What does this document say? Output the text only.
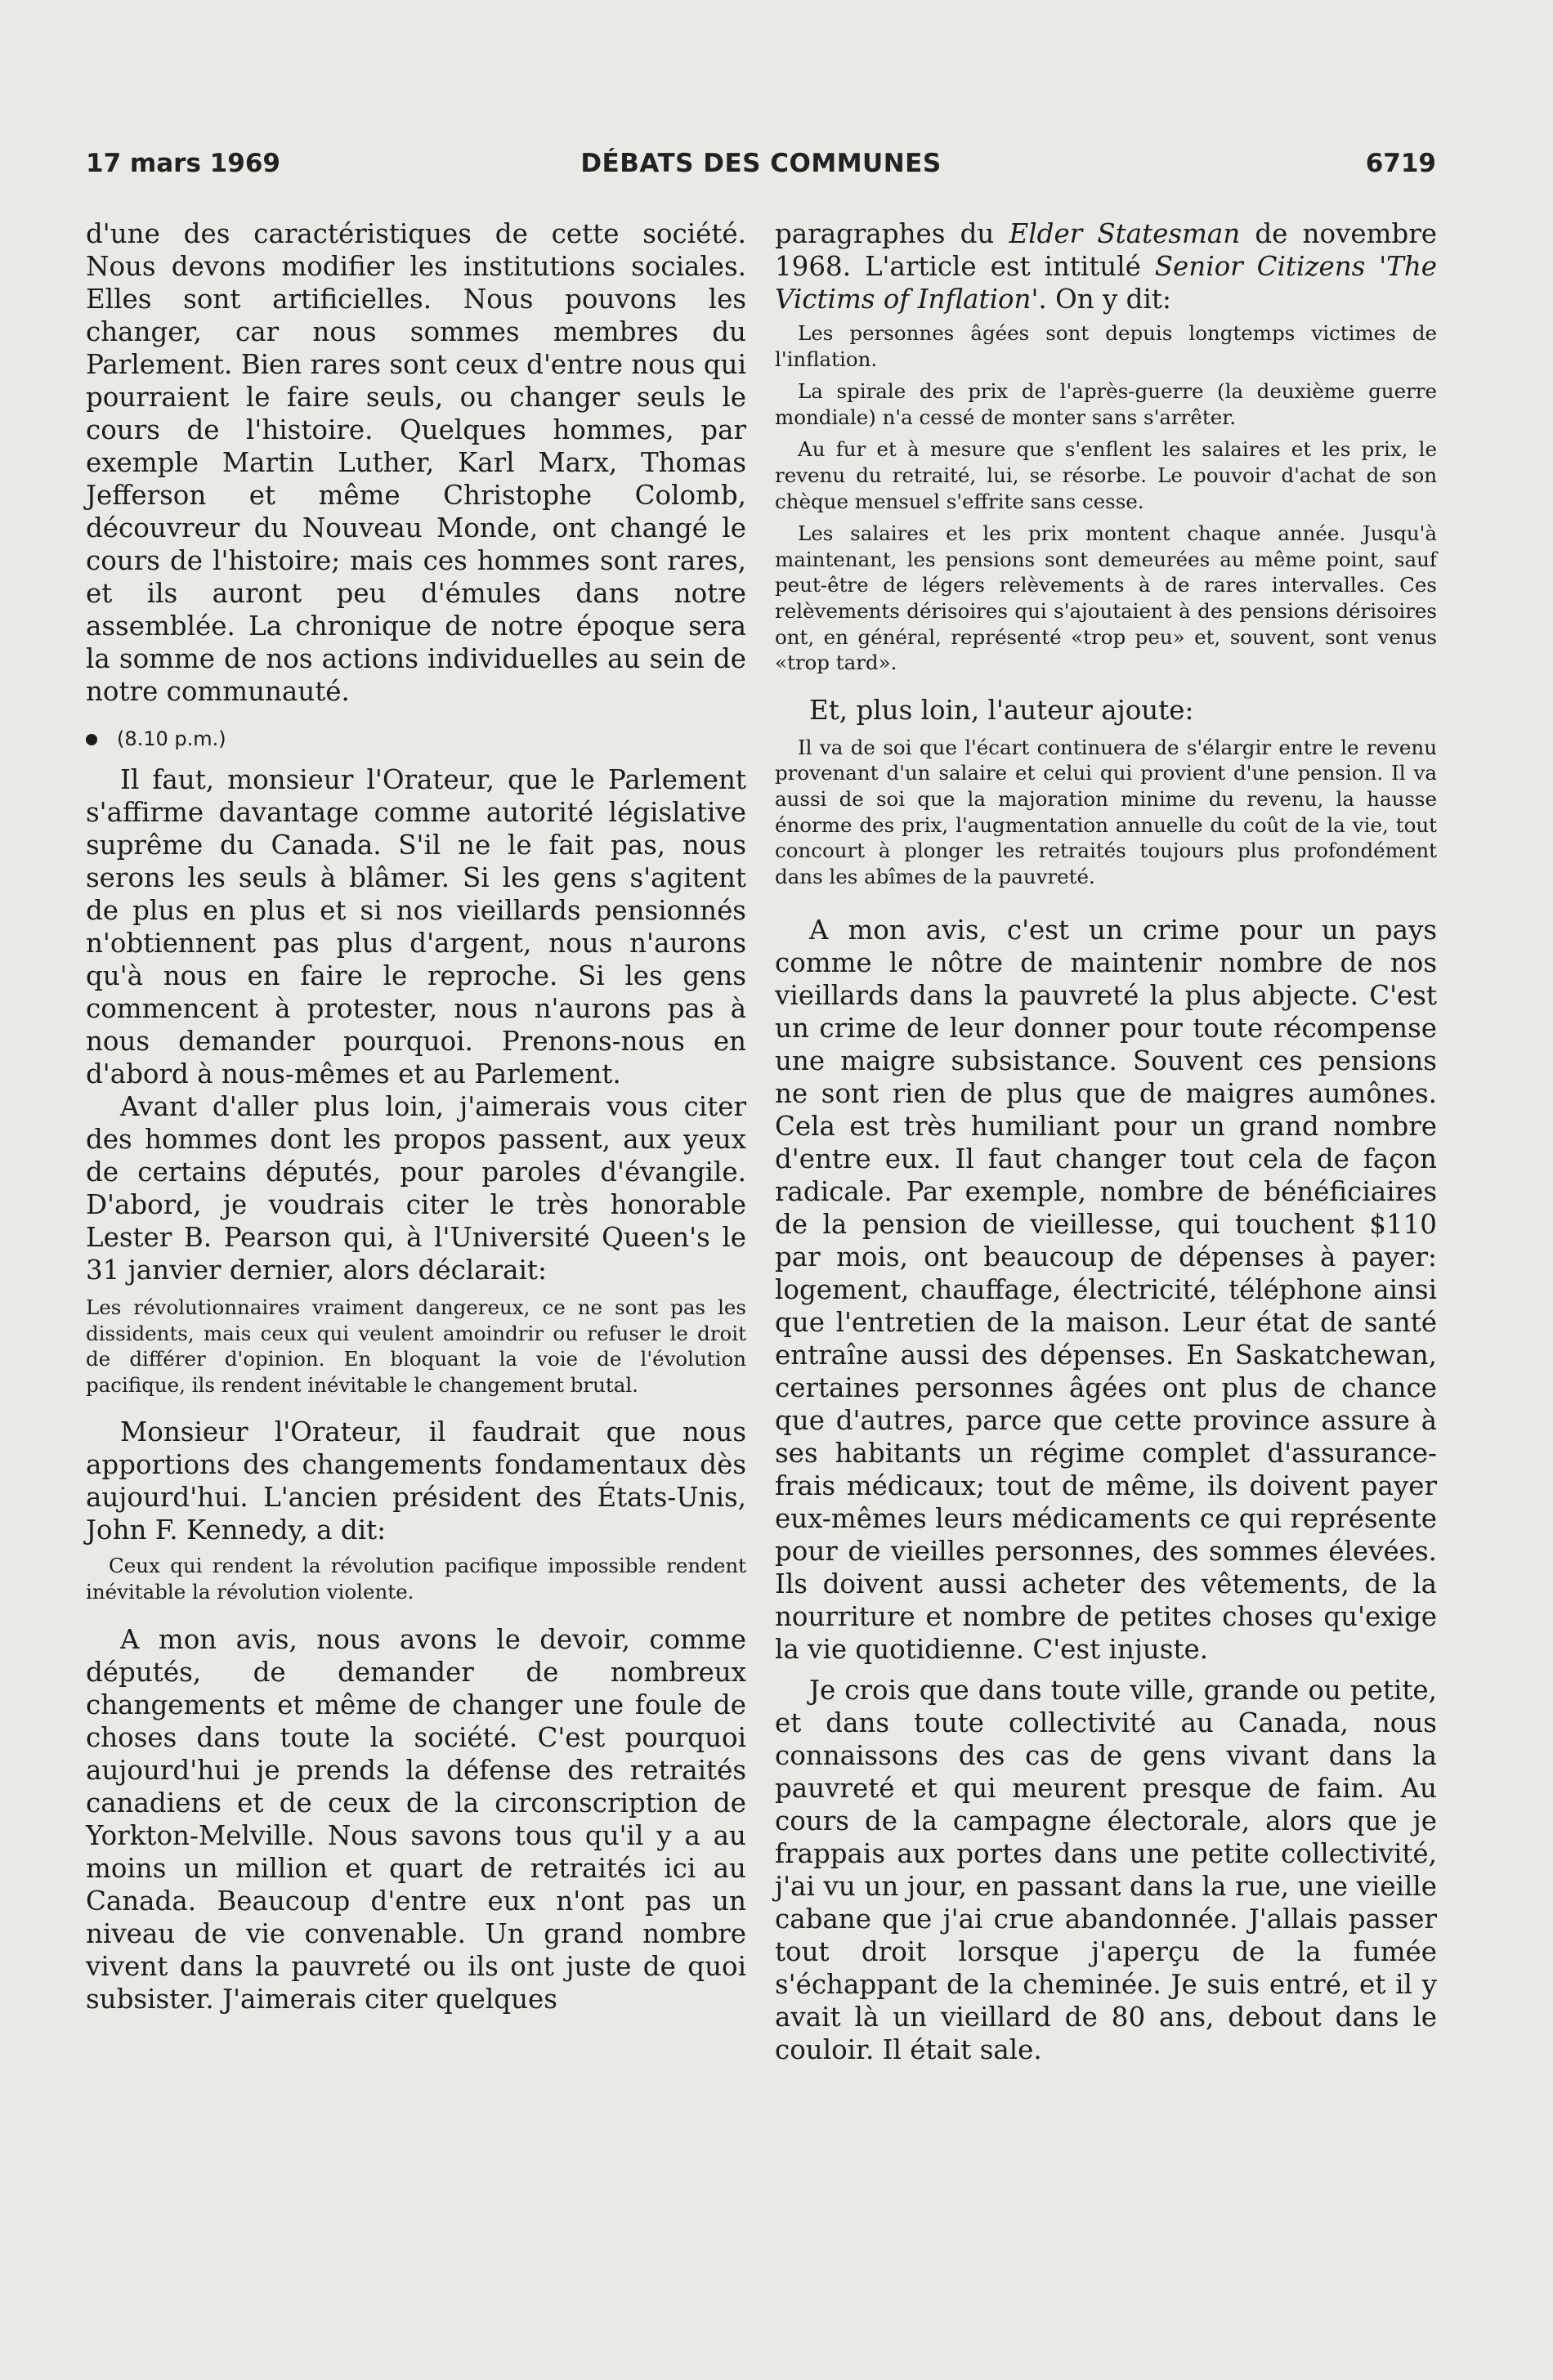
17 mars 1969	DÉBATS DES COMMUNES	6719

d'une des caractéristiques de cette société. Nous devons modifier les institutions sociales. Elles sont artificielles. Nous pouvons les changer, car nous sommes membres du Parlement. Bien rares sont ceux d'entre nous qui pourraient le faire seuls, ou changer seuls le cours de l'histoire. Quelques hommes, par exemple Martin Luther, Karl Marx, Thomas Jefferson et même Christophe Colomb, découvreur du Nouveau Monde, ont changé le cours de l'histoire; mais ces hommes sont rares, et ils auront peu d'émules dans notre assemblée. La chronique de notre époque sera la somme de nos actions individuelles au sein de notre communauté.

(8.10 p.m.)

Il faut, monsieur l'Orateur, que le Parlement s'affirme davantage comme autorité législative suprême du Canada. S'il ne le fait pas, nous serons les seuls à blâmer. Si les gens s'agitent de plus en plus et si nos vieillards pensionnés n'obtiennent pas plus d'argent, nous n'aurons qu'à nous en faire le reproche. Si les gens commencent à protester, nous n'aurons pas à nous demander pourquoi. Prenons-nous en d'abord à nous-mêmes et au Parlement.

Avant d'aller plus loin, j'aimerais vous citer des hommes dont les propos passent, aux yeux de certains députés, pour paroles d'évangile. D'abord, je voudrais citer le très honorable Lester B. Pearson qui, à l'Université Queen's le 31 janvier dernier, alors déclarait:

Les révolutionnaires vraiment dangereux, ce ne sont pas les dissidents, mais ceux qui veulent amoindrir ou refuser le droit de différer d'opinion. En bloquant la voie de l'évolution pacifique, ils rendent inévitable le changement brutal.

Monsieur l'Orateur, il faudrait que nous apportions des changements fondamentaux dès aujourd'hui. L'ancien président des États-Unis, John F. Kennedy, a dit:

Ceux qui rendent la révolution pacifique impossible rendent inévitable la révolution violente.

A mon avis, nous avons le devoir, comme députés, de demander de nombreux changements et même de changer une foule de choses dans toute la société. C'est pourquoi aujourd'hui je prends la défense des retraités canadiens et de ceux de la circonscription de Yorkton-Melville. Nous savons tous qu'il y a au moins un million et quart de retraités ici au Canada. Beaucoup d'entre eux n'ont pas un niveau de vie convenable. Un grand nombre vivent dans la pauvreté ou ils ont juste de quoi subsister. J'aimerais citer quelques

paragraphes du Elder Statesman de novembre 1968. L'article est intitulé Senior Citizens 'The Victims of Inflation'. On y dit:

Les personnes âgées sont depuis longtemps victimes de l'inflation.

La spirale des prix de l'après-guerre (la deuxième guerre mondiale) n'a cessé de monter sans s'arrêter.

Au fur et à mesure que s'enflent les salaires et les prix, le revenu du retraité, lui, se résorbe. Le pouvoir d'achat de son chèque mensuel s'effrite sans cesse.

Les salaires et les prix montent chaque année. Jusqu'à maintenant, les pensions sont demeurées au même point, sauf peut-être de légers relèvements à de rares intervalles. Ces relèvements dérisoires qui s'ajoutaient à des pensions dérisoires ont, en général, représenté «trop peu» et, souvent, sont venus «trop tard».

Et, plus loin, l'auteur ajoute:

Il va de soi que l'écart continuera de s'élargir entre le revenu provenant d'un salaire et celui qui provient d'une pension. Il va aussi de soi que la majoration minime du revenu, la hausse énorme des prix, l'augmentation annuelle du coût de la vie, tout concourt à plonger les retraités toujours plus profondément dans les abîmes de la pauvreté.

A mon avis, c'est un crime pour un pays comme le nôtre de maintenir nombre de nos vieillards dans la pauvreté la plus abjecte. C'est un crime de leur donner pour toute récompense une maigre subsistance. Souvent ces pensions ne sont rien de plus que de maigres aumônes. Cela est très humiliant pour un grand nombre d'entre eux. Il faut changer tout cela de façon radicale. Par exemple, nombre de bénéficiaires de la pension de vieillesse, qui touchent $110 par mois, ont beaucoup de dépenses à payer: logement, chauffage, électricité, téléphone ainsi que l'entretien de la maison. Leur état de santé entraîne aussi des dépenses. En Saskatchewan, certaines personnes âgées ont plus de chance que d'autres, parce que cette province assure à ses habitants un régime complet d'assurance-frais médicaux; tout de même, ils doivent payer eux-mêmes leurs médicaments ce qui représente pour de vieilles personnes, des sommes élevées. Ils doivent aussi acheter des vêtements, de la nourriture et nombre de petites choses qu'exige la vie quotidienne. C'est injuste.

Je crois que dans toute ville, grande ou petite, et dans toute collectivité au Canada, nous connaissons des cas de gens vivant dans la pauvreté et qui meurent presque de faim. Au cours de la campagne électorale, alors que je frappais aux portes dans une petite collectivité, j'ai vu un jour, en passant dans la rue, une vieille cabane que j'ai crue abandonnée. J'allais passer tout droit lorsque j'aperçu de la fumée s'échappant de la cheminée. Je suis entré, et il y avait là un vieillard de 80 ans, debout dans le couloir. Il était sale.
